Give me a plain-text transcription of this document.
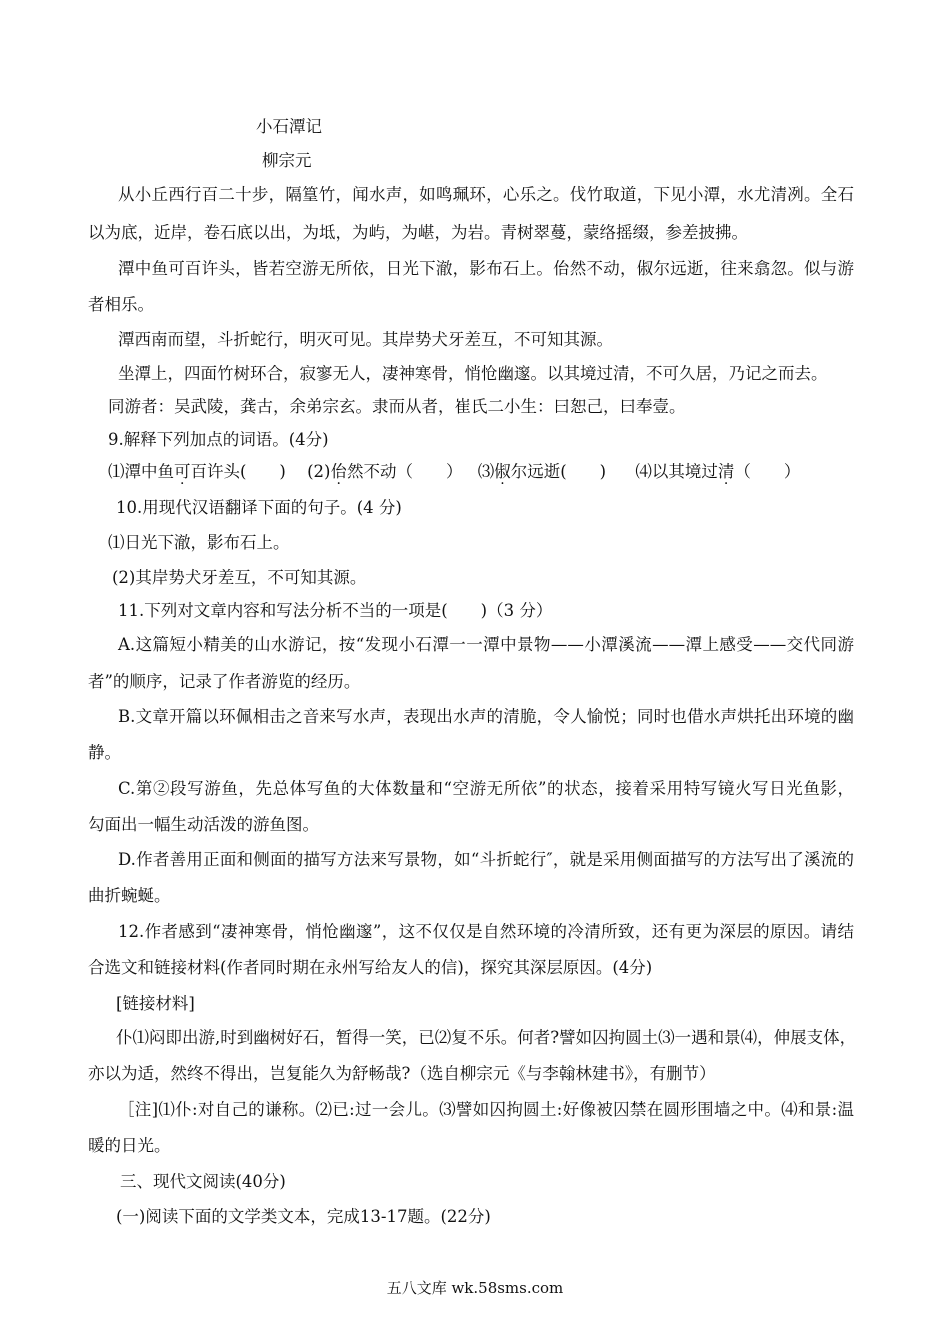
小石潭记
柳宗元
从小丘西行百二十步，隔篁竹，闻水声，如鸣珮环，心乐之。伐竹取道，下见小潭，水尤清冽。全石
以为底，近岸，卷石底以出，为坻，为屿，为嵁，为岩。青树翠蔓，蒙络摇缀，参差披拂。
潭中鱼可百许头，皆若空游无所依，日光下澈，影布石上。佁然不动，俶尔远逝，往来翕忽。似与游
者相乐。
潭西南而望，斗折蛇行，明灭可见。其岸势犬牙差互，不可知其源。
坐潭上，四面竹树环合，寂寥无人，凄神寒骨，悄怆幽邃。以其境过清，不可久居，乃记之而去。
同游者：吴武陵，龚古，余弟宗玄。隶而从者，崔氏二小生：曰恕己，曰奉壹。
9.解释下列加点的词语。(4分)
⑴潭中鱼可百许头(　　) (2)佁然不动（　　） ⑶俶尔远逝(　　) ⑷以其境过清（　　）
10.用现代汉语翻译下面的句子。(4 分)
⑴日光下澈，影布石上。
(2)其岸势犬牙差互，不可知其源。
11.下列对文章内容和写法分析不当的一项是(　　)（3 分）
A.这篇短小精美的山水游记，按“发现小石潭一一潭中景物——小潭溪流——潭上感受——交代同游
者”的顺序，记录了作者游览的经历。
B.文章开篇以环佩相击之音来写水声，表现出水声的清脆，令人愉悦；同时也借水声烘托出环境的幽
静。
C.第②段写游鱼，先总体写鱼的大体数量和“空游无所依”的状态，接着采用特写镜火写日光鱼影，
勾面出一幅生动活泼的游鱼图。
D.作者善用正面和侧面的描写方法来写景物，如“斗折蛇行″，就是采用侧面描写的方法写出了溪流的
曲折蜿蜒。
12.作者感到“凄神寒骨，悄怆幽邃”，这不仅仅是自然环境的冷清所致，还有更为深层的原因。请结
合选文和链接材料(作者同时期在永州写给友人的信)，探究其深层原因。(4分)
[链接材料]
仆⑴闷即出游,时到幽树好石，暂得一笑，已⑵复不乐。何者?譬如囚拘圆土⑶一遇和景⑷，伸展支体，
亦以为适，然终不得出，岂复能久为舒畅哉?（选自柳宗元《与李翰林建书》，有删节）
［注]⑴仆:对自己的谦称。⑵已:过一会儿。⑶譬如囚拘圆土:好像被囚禁在圆形围墙之中。⑷和景:温
暖的日光。
三、现代文阅读(40分)
(一)阅读下面的文学类文本，完成13-17题。(22分)
五八文库 wk.58sms.com
